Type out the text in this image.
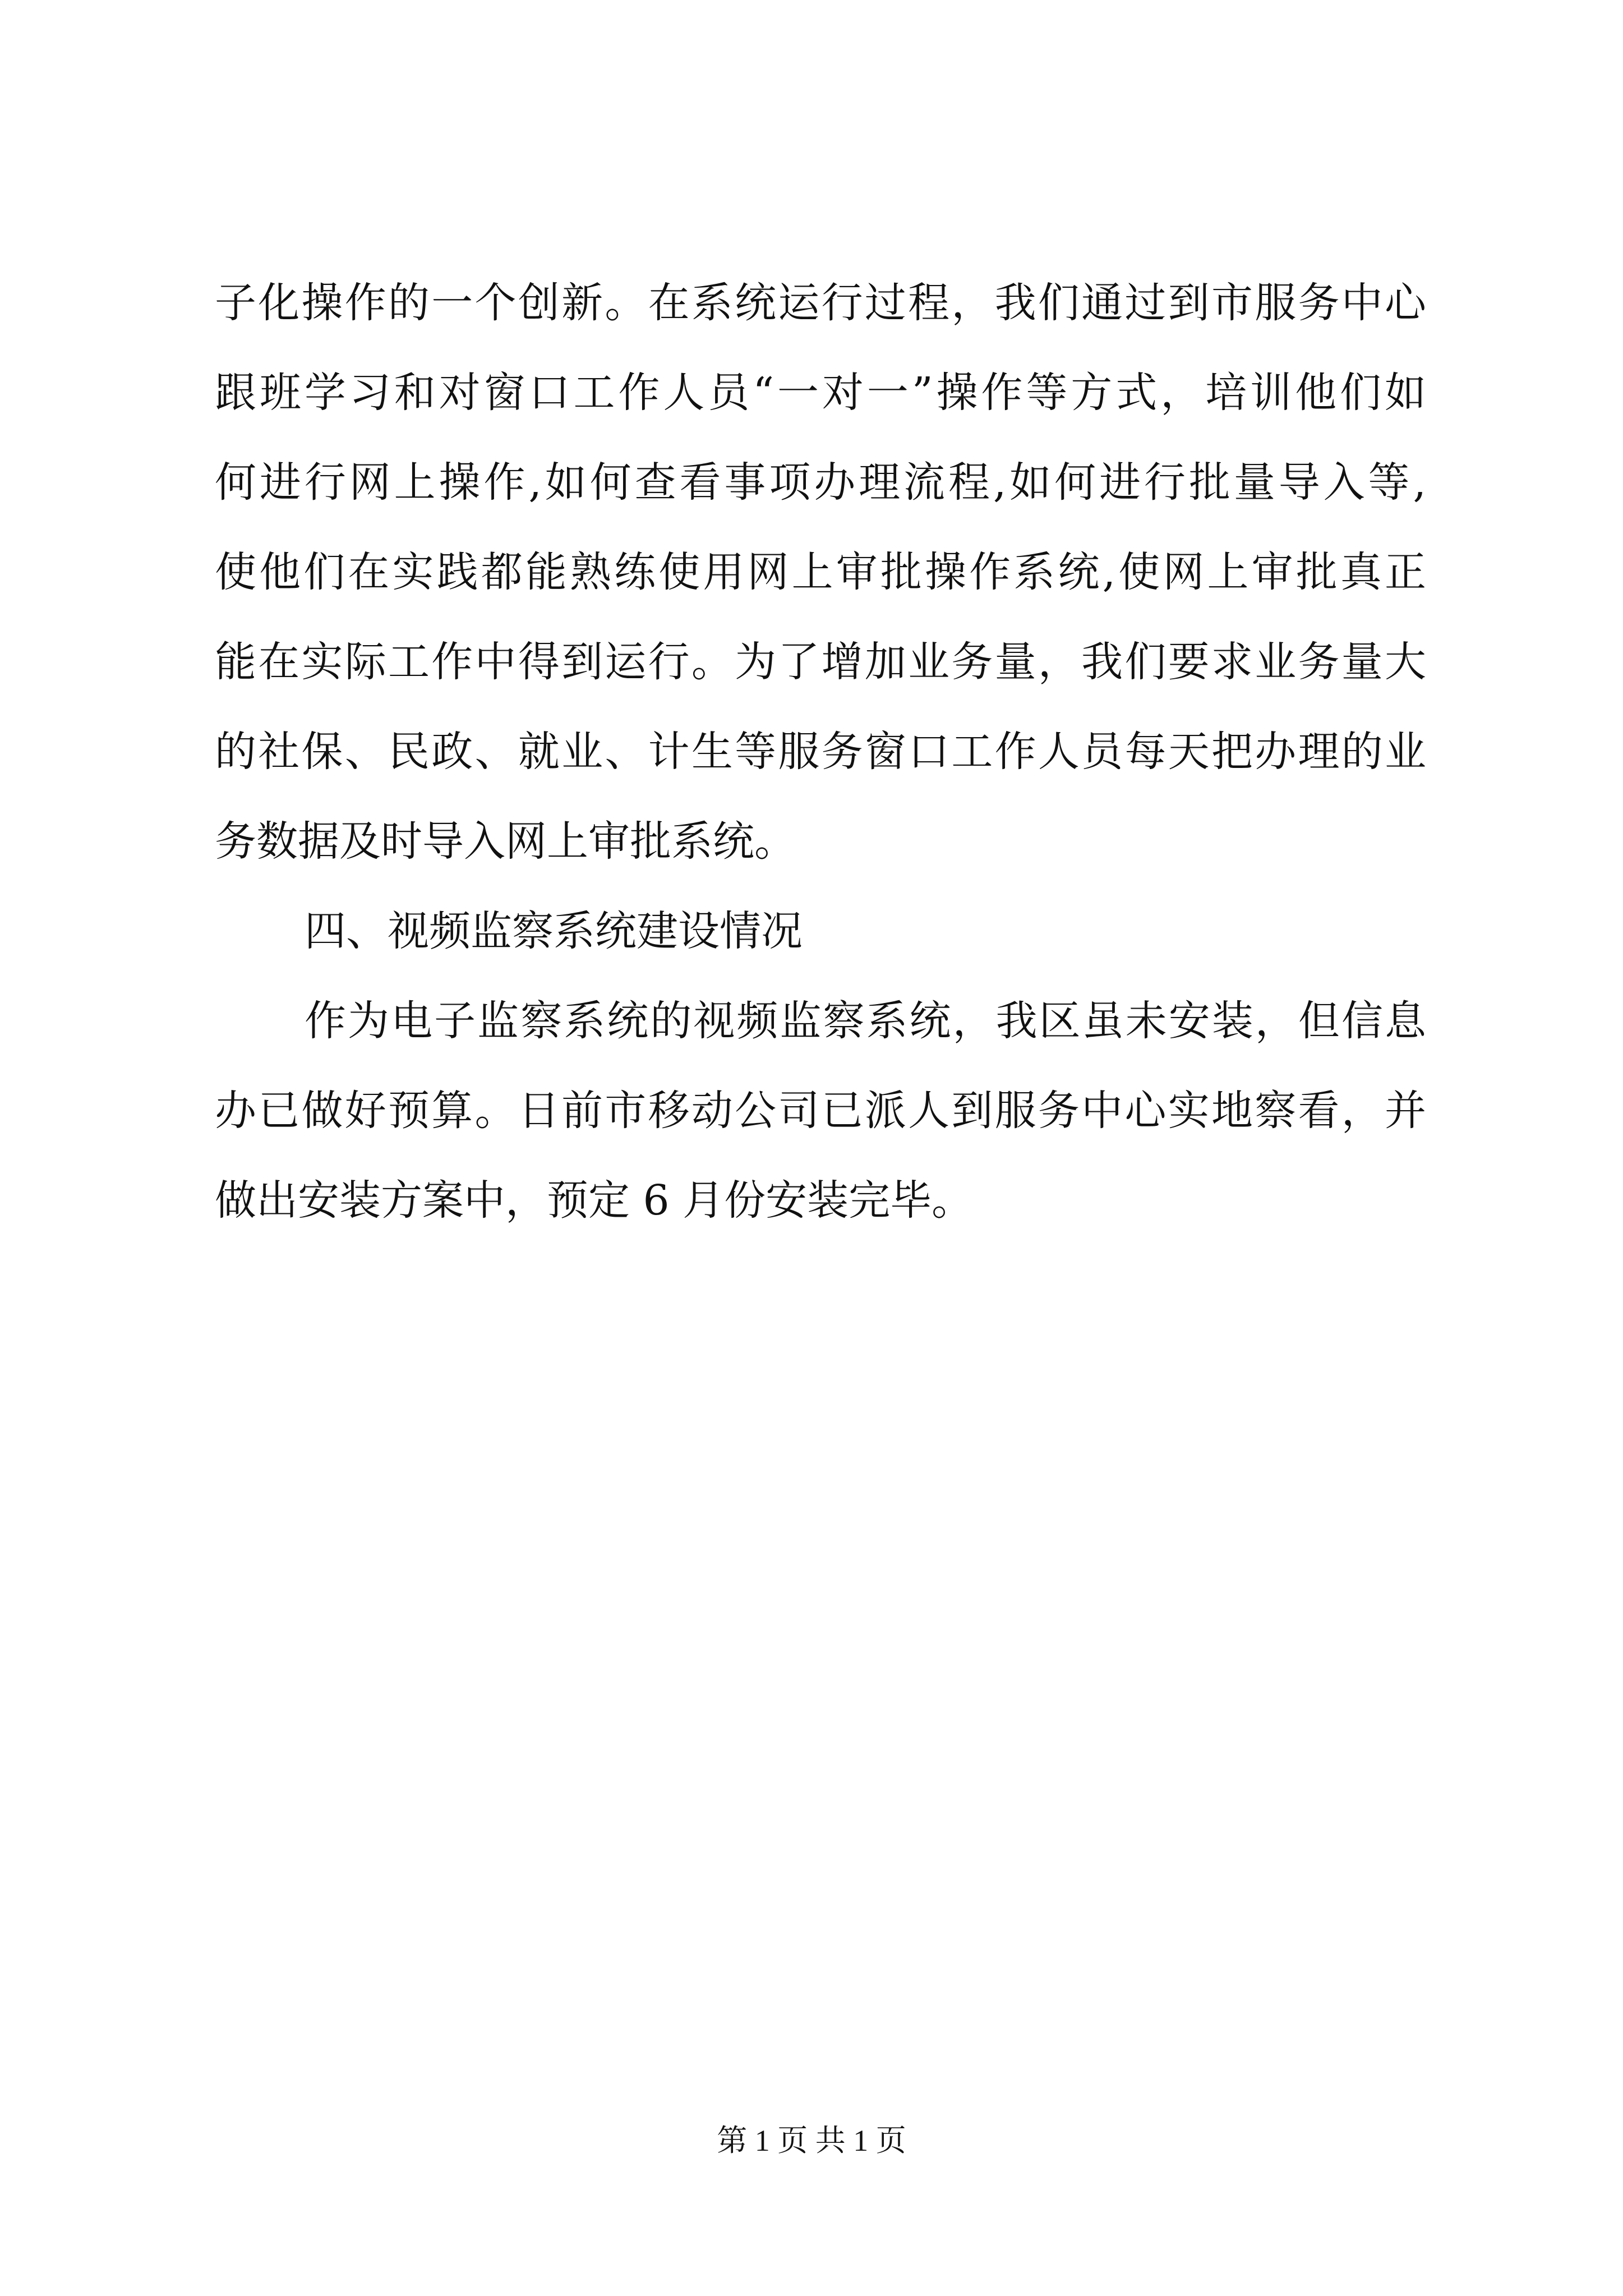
子化操作的一个创新。在系统运行过程，我们通过到市服务中心
跟班学习和对窗口工作人员“一对一”操作等方式，培训他们如
何进行网上操作,如何查看事项办理流程,如何进行批量导入等,
使他们在实践都能熟练使用网上审批操作系统,使网上审批真正
能在实际工作中得到运行。为了增加业务量，我们要求业务量大
的社保、民政、就业、计生等服务窗口工作人员每天把办理的业
务数据及时导入网上审批系统。
四、视频监察系统建设情况
作为电子监察系统的视频监察系统，我区虽未安装，但信息
办已做好预算。日前市移动公司已派人到服务中心实地察看，并
做出安装方案中，预定 6 月份安装完毕。
第 1 页 共 1 页
